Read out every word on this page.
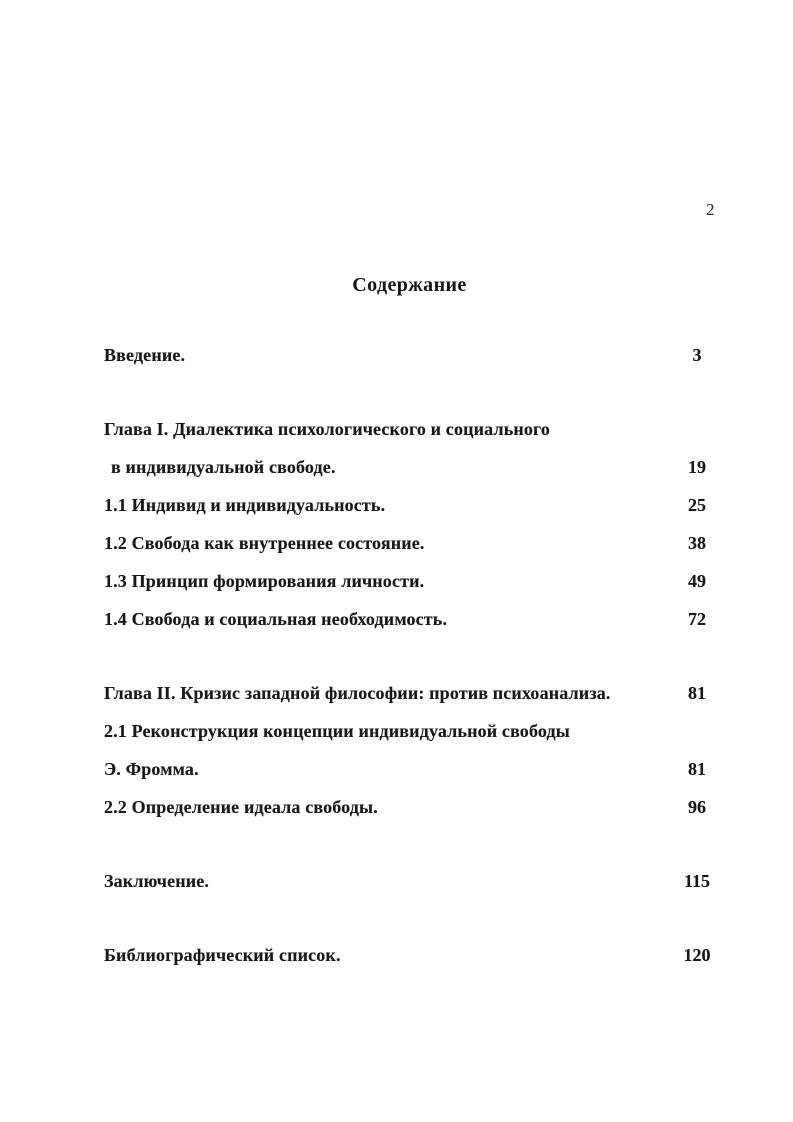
2
Содержание
Введение.	3
Глава I. Диалектика психологического и социального
в индивидуальной свободе.	19
1.1 Индивид и индивидуальность.	25
1.2 Свобода как внутреннее состояние.	38
1.3 Принцип формирования личности.	49
1.4 Свобода и социальная необходимость.	72
Глава II. Кризис западной философии: против психоанализа.	81
2.1 Реконструкция концепции индивидуальной свободы
Э. Фромма.	81
2.2 Определение идеала свободы.	96
Заключение.	115
Библиографический список.	120
